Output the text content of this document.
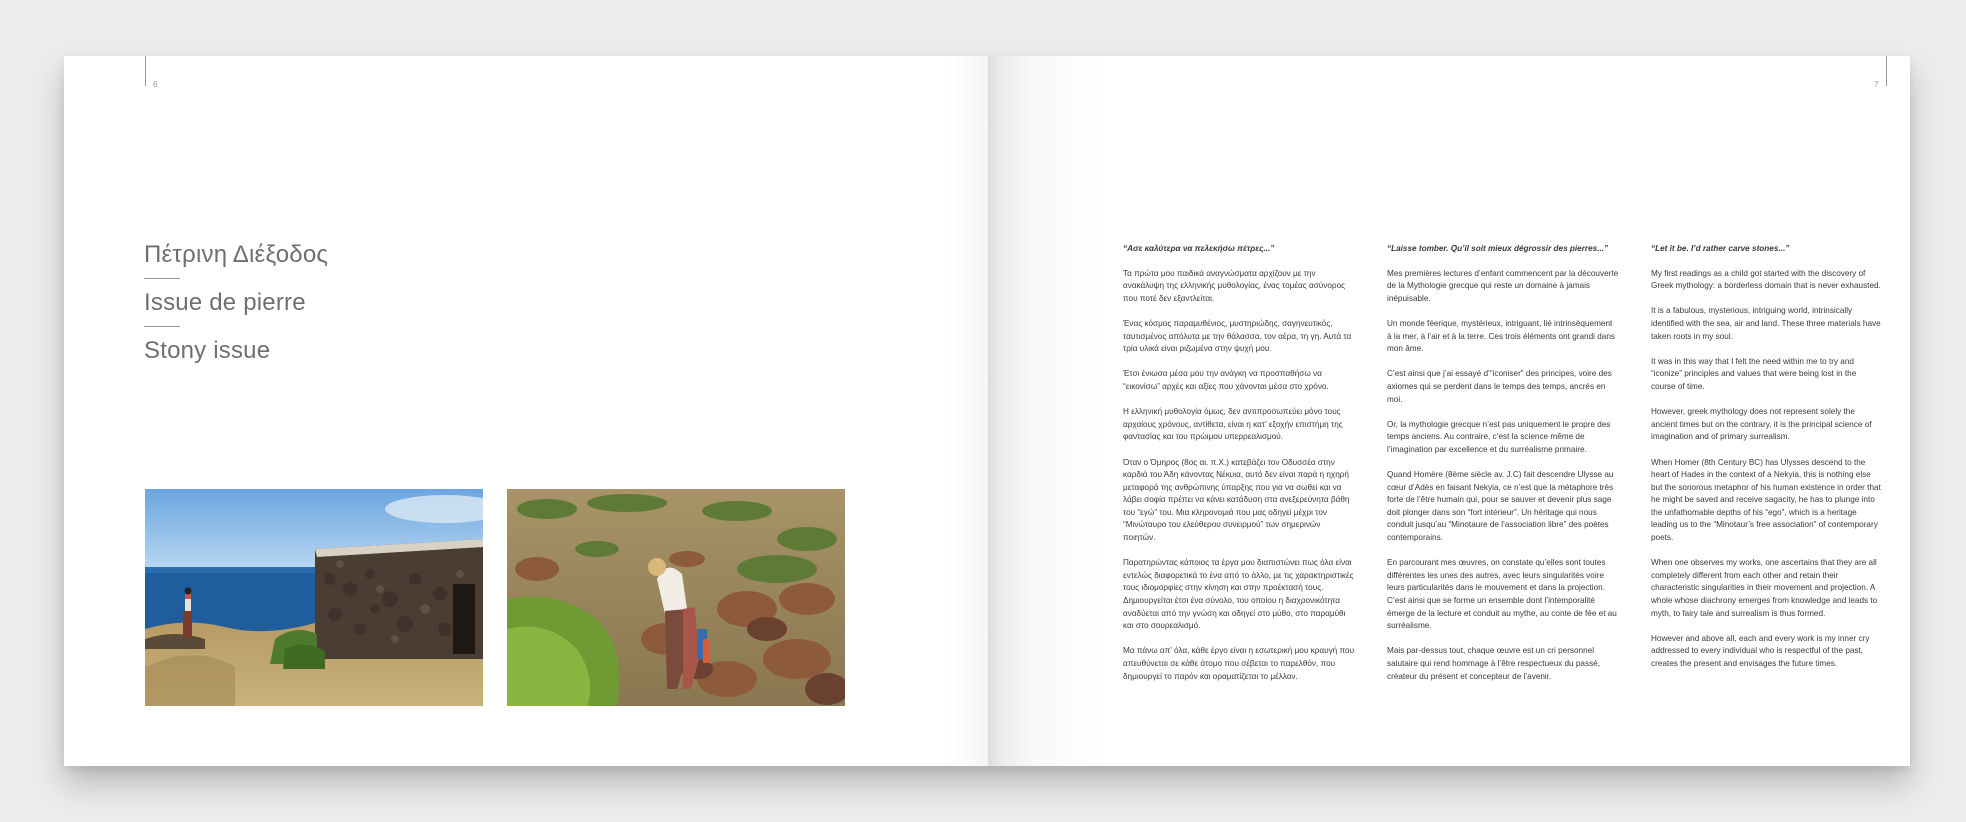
6
Πέτρινη Διέξοδος
Issue de pierre
Stony issue
7
“Ασε καλύτερα να πελεκήσω πέτρες...”

Τα πρώτα μου παιδικά αναγνώσματα αρχίζουν με την ανακάλυψη της ελληνικής μυθολογίας, ένας τομέας ασύνορος που ποτέ δεν εξαντλείται.

Ένας κόσμος παραμυθένιος, μυστηριώδης, σαγηνευτικός, ταυτισμένος απόλυτα με την θάλασσα, τον αέρα, τη γη. Αυτά τα τρία υλικά είναι ριζωμένα στην ψυχή μου.

Έτσι ένιωσα μέσα μου την ανάγκη να προσπαθήσω να “εικονίσω” αρχές και αξίες που χάνονται μέσα στο χρόνο.

Η ελληνική μυθολογία όμως, δεν αντιπροσωπεύει μόνο τους αρχαίους χρόνους, αντίθετα, είναι η κατ’ εξοχήν επιστήμη της φαντασίας και του πρώιμου υπερρεαλισμού.

Όταν ο Όμηρος (8ος αι. π.Χ.) κατεβάζει τον Οδυσσέα στην καρδιά του Άδη κάνοντας Νέκυια, αυτό δεν είναι παρά η ηχηρή μεταφορά της ανθρώπινης ύπαρξης που για να σωθεί και να λάβει σοφία πρέπει να κάνει κατάδυση στα ανεξερεύνητα βάθη του “εγώ” του. Μια κληρονομιά που μας οδηγεί μέχρι τον “Μινώταυρο του ελεύθερου συνειρμού” των σημερινών ποιητών.

Παρατηρώντας κάποιος τα έργα μου διαπιστώνει πως όλα είναι εντελώς διαφορετικά το ένα από το άλλο, με τις χαρακτηριστικές τους ιδιομορφίες στην κίνηση και στην προέκτασή τους. Δημιουργείται έτσι ένα σύνολο, του οποίου η διαχρονικότητα αναδύεται από την γνώση και οδηγεί στο μύθο, στο παραμύθι και στο σουρεαλισμό.

Μα πάνω απ’ όλα, κάθε έργο είναι η εσωτερική μου κραυγή που απευθύνεται σε κάθε άτομο που σέβεται το παρελθόν, που δημιουργεί το παρόν και οραματίζεται το μέλλον.

“Laisse tomber. Qu’il soit mieux dégrossir des pierres...”

Mes premières lectures d’enfant commencent par la découverte de la Mythologie grecque qui reste un domaine à jamais inépuisable.

Un monde féerique, mystérieux, intriguant, lié intrinsèquement à la mer, à l’air et à la terre. Ces trois éléments ont grandi dans mon âme.

C’est ainsi que j’ai essayé d’“iconiser” des principes, voire des axiomes qui se perdent dans le temps des temps, ancrés en moi.

Or, la mythologie grecque n’est pas uniquement le propre des temps anciens. Au contraire, c’est la science même de l’imagination par excellence et du surréalisme primaire.

Quand Homère (8ème siècle av. J.C) fait descendre Ulysse au cœur d’Adès en faisant Nekyia, ce n’est que la métaphore très forte de l’être humain qui, pour se sauver et devenir plus sage doit plonger dans son “fort intérieur”. Un héritage qui nous conduit jusqu’au “Minotaure de l’association libre” des poètes contemporains.

En parcourant mes œuvres, on constate qu’elles sont toutes différentes les unes des autres, avec leurs singularités voire leurs particularités dans le mouvement et dans la projection. C’est ainsi que se forme un ensemble dont l’intemporalité émerge de la lecture et conduit au mythe, au conte de fée et au surréalisme.

Mais par-dessus tout, chaque œuvre est un cri personnel salutaire qui rend hommage à l’être respectueux du passé, créateur du présent et concepteur de l’avenir.

“Let it be. I’d rather carve stones...”

My first readings as a child got started with the discovery of Greek mythology: a borderless domain that is never exhausted.

It is a fabulous, mysterious, intriguing world, intrinsically identified with the sea, air and land. These three materials have taken roots in my soul.

It was in this way that I felt the need within me to try and “iconize” principles and values that were being lost in the course of time.

However, greek mythology does not represent solely the ancient times but on the contrary, it is the principal science of imagination and of primary surrealism.

When Homer (8th Century BC) has Ulysses descend to the heart of Hades in the context of a Nekyia, this is nothing else but the sonorous metaphor of his human existence in order that he might be saved and receive sagacity, he has to plunge into the unfathomable depths of his “ego”, which is a heritage leading us to the “Minotaur’s free association” of contemporary poets.

When one observes my works, one ascertains that they are all completely different from each other and retain their characteristic singularities in their movement and projection. A whole whose diachrony emerges from knowledge and leads to myth, to fairy tale and surrealism is thus formed.

However and above all, each and every work is my inner cry addressed to every individual who is respectful of the past, creates the present and envisages the future times.
